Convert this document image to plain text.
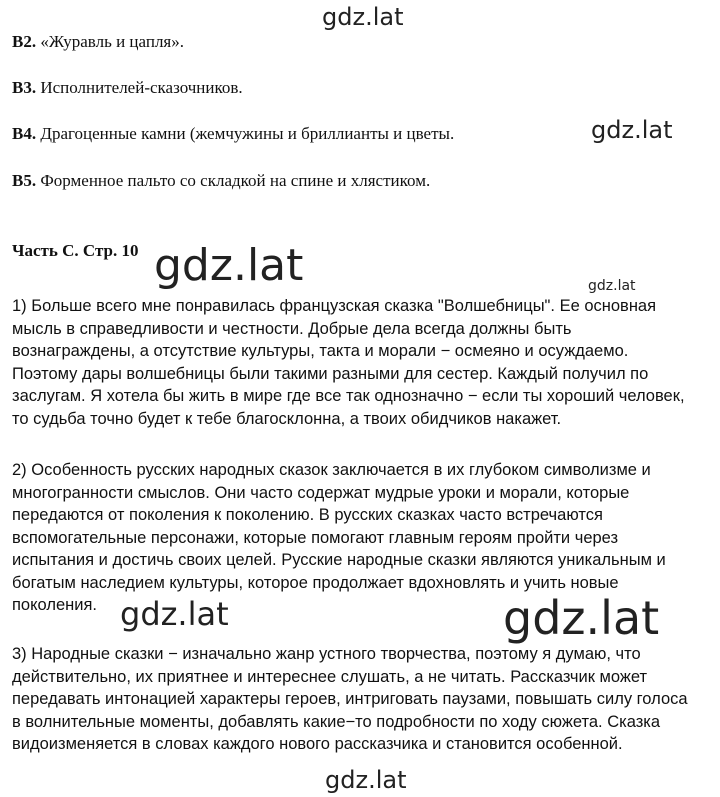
gdz.lat
B2. «Журавль и цапля».
B3. Исполнителей-сказочников.
B4. Драгоценные камни (жемчужины и бриллианты и цветы.
B5. Форменное пальто со складкой на спине и хлястиком.
gdz.lat
Часть С. Стр. 10 gdz.lat	gdz.lat
1) Больше всего мне понравилась французская сказка "Волшебницы". Ее основная
мысль в справедливости и честности. Добрые дела всегда должны быть
вознаграждены, а отсутствие культуры, такта и морали − осмеяно и осуждаемо.
Поэтому дары волшебницы были такими разными для сестер. Каждый получил по
заслугам. Я хотела бы жить в мире где все так однозначно − если ты хороший человек,
то судьба точно будет к тебе благосклонна, а твоих обидчиков накажет.
2) Особенность русских народных сказок заключается в их глубоком символизме и
многогранности смыслов. Они часто содержат мудрые уроки и морали, которые
передаются от поколения к поколению. В русских сказках часто встречаются
вспомогательные персонажи, которые помогают главным героям пройти через
испытания и достичь своих целей. Русские народные сказки являются уникальным и
богатым наследием культуры, которое продолжает вдохновлять и учить новые
поколения. gdz.lat	gdz.lat
3) Народные сказки − изначально жанр устного творчества, поэтому я думаю, что
действительно, их приятнее и интереснее слушать, а не читать. Рассказчик может
передавать интонацией характеры героев, интриговать паузами, повышать силу голоса
в волнительные моменты, добавлять какие−то подробности по ходу сюжета. Сказка
видоизменяется в словах каждого нового рассказчика и становится особенной.
gdz.lat
